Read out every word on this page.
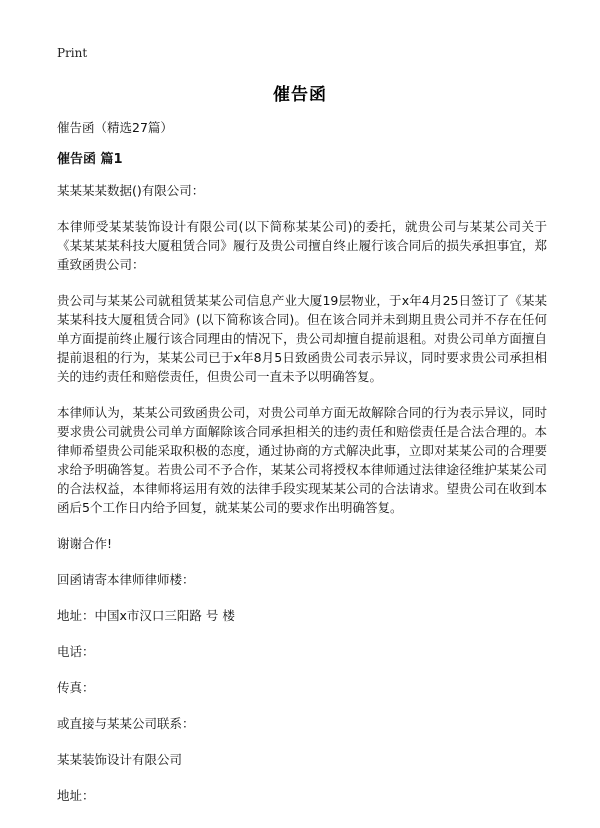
Print
催告函

催告函（精选27篇）

催告函 篇1

某某某某数据()有限公司：

本律师受某某装饰设计有限公司(以下简称某某公司)的委托，就贵公司与某某公司关于《某某某某科技大厦租赁合同》履行及贵公司擅自终止履行该合同后的损失承担事宜，郑重致函贵公司：

贵公司与某某公司就租赁某某公司信息产业大厦19层物业，于x年4月25日签订了《某某某某科技大厦租赁合同》(以下简称该合同)。但在该合同并未到期且贵公司并不存在任何单方面提前终止履行该合同理由的情况下，贵公司却擅自提前退租。对贵公司单方面擅自提前退租的行为，某某公司已于x年8月5日致函贵公司表示异议，同时要求贵公司承担相关的违约责任和赔偿责任，但贵公司一直未予以明确答复。

本律师认为，某某公司致函贵公司，对贵公司单方面无故解除合同的行为表示异议，同时要求贵公司就贵公司单方面解除该合同承担相关的违约责任和赔偿责任是合法合理的。本律师希望贵公司能采取积极的态度，通过协商的方式解决此事，立即对某某公司的合理要求给予明确答复。若贵公司不予合作，某某公司将授权本律师通过法律途径维护某某公司的合法权益，本律师将运用有效的法律手段实现某某公司的合法请求。望贵公司在收到本函后5个工作日内给予回复，就某某公司的要求作出明确答复。

谢谢合作!

回函请寄本律师律师楼：

地址：中国x市汉口三阳路 号 楼

电话：

传真：

或直接与某某公司联系：

某某装饰设计有限公司

地址：
